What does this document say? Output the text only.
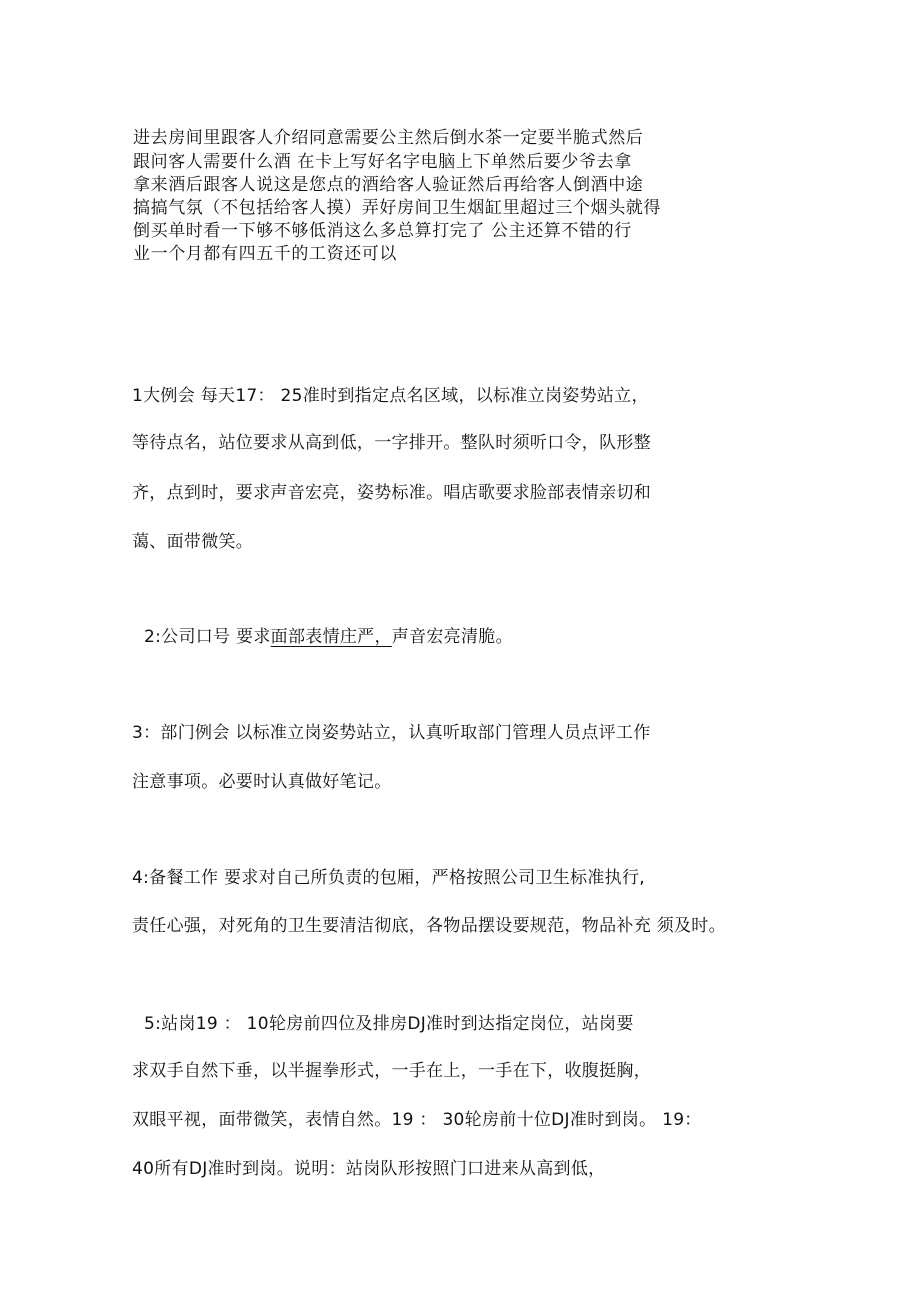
进去房间里跟客人介绍同意需要公主然后倒水茶一定要半脆式然后
跟问客人需要什么酒 在卡上写好名字电脑上下单然后要少爷去拿
拿来酒后跟客人说这是您点的酒给客人验证然后再给客人倒酒中途
搞搞气氛（不包括给客人摸）弄好房间卫生烟缸里超过三个烟头就得
倒买单时看一下够不够低消这么多总算打完了 公主还算不错的行
业一个月都有四五千的工资还可以
1大例会 每天17： 25准时到指定点名区域，以标准立岗姿势站立，
等待点名，站位要求从高到低，一字排开。整队时须听口令，队形整
齐，点到时，要求声音宏亮，姿势标准。唱店歌要求脸部表情亲切和
蔼、面带微笑。
2:公司口号 要求面部表情庄严，声音宏亮清脆。
3：部门例会 以标准立岗姿势站立，认真听取部门管理人员点评工作
注意事项。必要时认真做好笔记。
4:备餐工作 要求对自己所负责的包厢，严格按照公司卫生标准执行,
责任心强，对死角的卫生要清洁彻底，各物品摆设要规范，物品补充 须及时。
5:站岗19 ： 10轮房前四位及排房DJ准时到达指定岗位，站岗要
求双手自然下垂，以半握拳形式，一手在上，一手在下，收腹挺胸，
双眼平视，面带微笑，表情自然。19 ： 30轮房前十位DJ准时到岗。 19：
40所有DJ准时到岗。说明：站岗队形按照门口进来从高到低，
